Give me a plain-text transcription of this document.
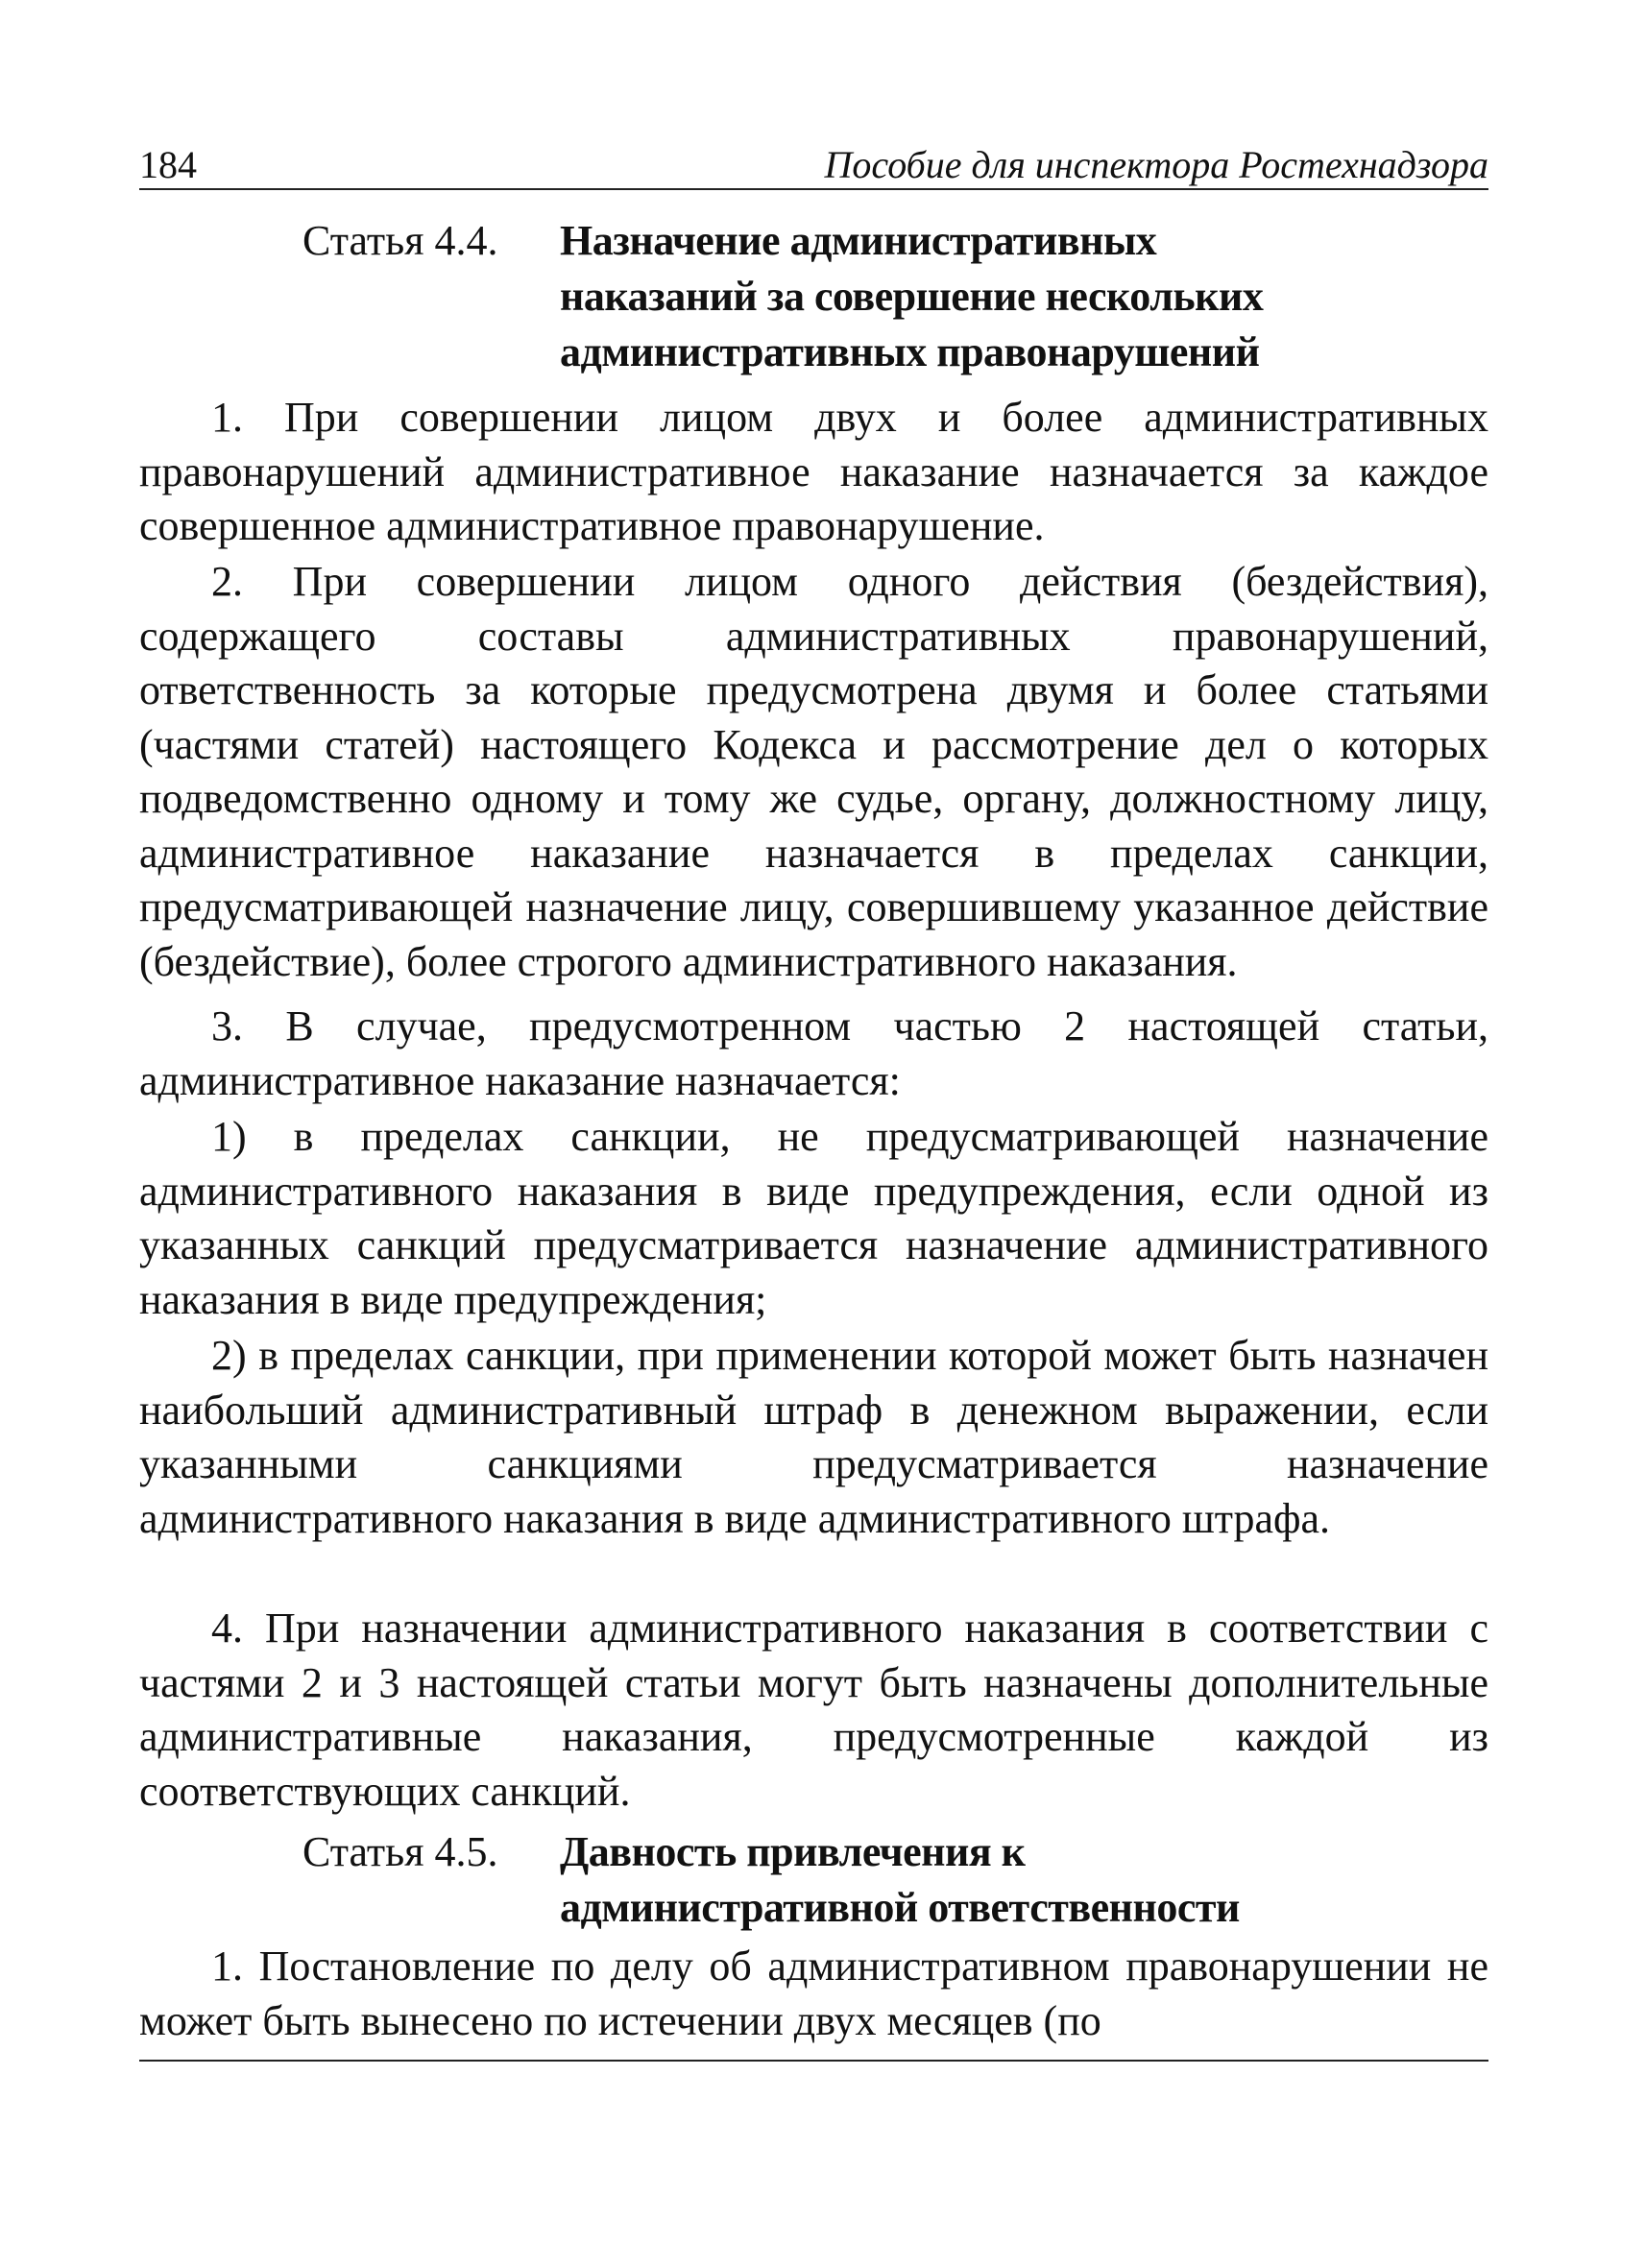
184	Пособие для инспектора Ростехнадзора
Статья 4.4. Назначение административных наказаний за совершение нескольких административных правонарушений

1. При совершении лицом двух и более административных правонарушений административное наказание назначается за каждое совершенное административное правонарушение.

2. При совершении лицом одного действия (бездействия), содержащего составы административных правонарушений, ответственность за которые предусмотрена двумя и более статьями (частями статей) настоящего Кодекса и рассмотрение дел о которых подведомственно одному и тому же судье, органу, должностному лицу, административное наказание назначается в пределах санкции, предусматривающей назначение лицу, совершившему указанное действие (бездействие), более строгого административного наказания.

3. В случае, предусмотренном частью 2 настоящей статьи, административное наказание назначается:

1) в пределах санкции, не предусматривающей назначение административного наказания в виде предупреждения, если одной из указанных санкций предусматривается назначение административного наказания в виде предупреждения;

2) в пределах санкции, при применении которой может быть назначен наибольший административный штраф в денежном выражении, если указанными санкциями предусматривается назначение административного наказания в виде административного штрафа.

4. При назначении административного наказания в соответствии с частями 2 и 3 настоящей статьи могут быть назначены дополнительные административные наказания, предусмотренные каждой из соответствующих санкций.

Статья 4.5. Давность привлечения к административной ответственности

1. Постановление по делу об административном правонарушении не может быть вынесено по истечении двух месяцев (по
